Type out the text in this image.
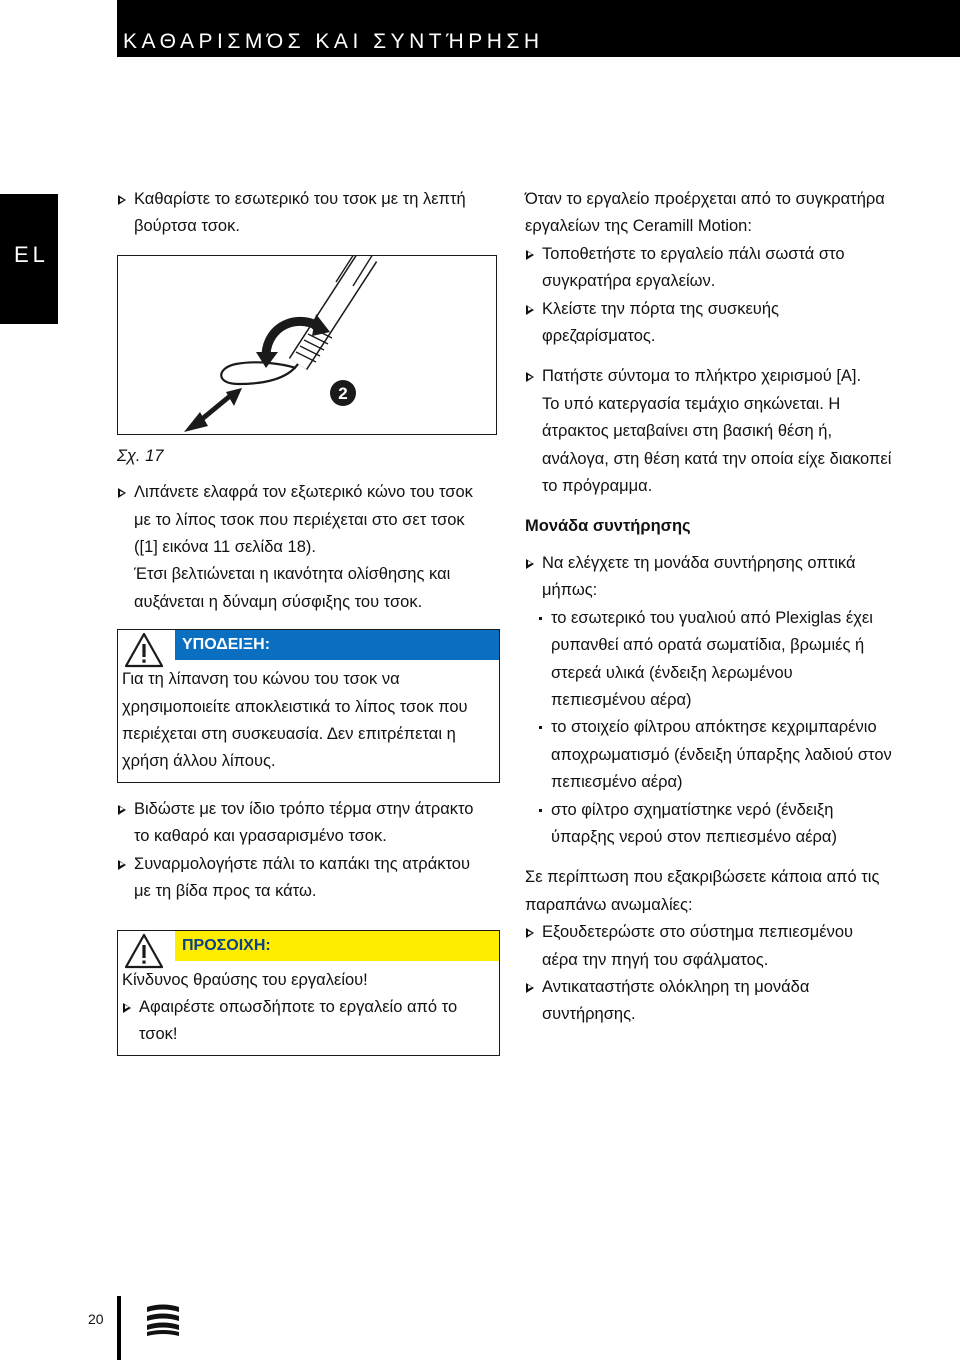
ΚΑΘΑΡΙΣΜΌΣ ΚΑΙ ΣΥΝΤΉΡΗΣΗ
EL
Καθαρίστε το εσωτερικό του τσοκ με τη λεπτή
βούρτσα τσοκ.
2
Σχ. 17
Λιπάνετε ελαφρά τον εξωτερικό κώνο του τσοκ
με το λίπος τσοκ που περιέχεται στο σετ τσοκ
([1] εικόνα 11 σελίδα 18).
Έτσι βελτιώνεται η ικανότητα ολίσθησης και
αυξάνεται η δύναμη σύσφιξης του τσοκ.
ΥΠΟΔΕΙΞΗ:
Για τη λίπανση του κώνου του τσοκ να
χρησιμοποιείτε αποκλειστικά το λίπος τσοκ που
περιέχεται στη συσκευασία. Δεν επιτρέπεται η
χρήση άλλου λίπους.
Βιδώστε με τον ίδιο τρόπο τέρμα στην άτρακτο
το καθαρό και γρασαρισμένο τσοκ.
Συναρμολογήστε πάλι το καπάκι της ατράκτου
με τη βίδα προς τα κάτω.
ΠΡΟΣΟΙΧΗ:
Κίνδυνος θραύσης του εργαλείου!
Αφαιρέστε οπωσδήποτε το εργαλείο από το
τσοκ!
Όταν το εργαλείο προέρχεται από το συγκρατήρα
εργαλείων της Ceramill Motion:
Τοποθετήστε το εργαλείο πάλι σωστά στο
συγκρατήρα εργαλείων.
Κλείστε την πόρτα της συσκευής
φρεζαρίσματος.
Πατήστε σύντομα το πλήκτρο χειρισμού [A].
Το υπό κατεργασία τεμάχιο σηκώνεται. Η
άτρακτος μεταβαίνει στη βασική θέση ή,
ανάλογα, στη θέση κατά την οποία είχε διακοπεί
το πρόγραμμα.
Μονάδα συντήρησης
Να ελέγχετε τη μονάδα συντήρησης οπτικά
μήπως:
το εσωτερικό του γυαλιού από Plexiglas έχει
ρυπανθεί από ορατά σωματίδια, βρωμιές ή
στερεά υλικά (ένδειξη λερωμένου
πεπιεσμένου αέρα)
το στοιχείο φίλτρου απόκτησε κεχριμπαρένιο
αποχρωματισμό (ένδειξη ύπαρξης λαδιού στον
πεπιεσμένο αέρα)
στο φίλτρο σχηματίστηκε νερό (ένδειξη
ύπαρξης νερού στον πεπιεσμένο αέρα)
Σε περίπτωση που εξακριβώσετε κάποια από τις
παραπάνω ανωμαλίες:
Εξουδετερώστε στο σύστημα πεπιεσμένου
αέρα την πηγή του σφάλματος.
Αντικαταστήστε ολόκληρη τη μονάδα
συντήρησης.
20
